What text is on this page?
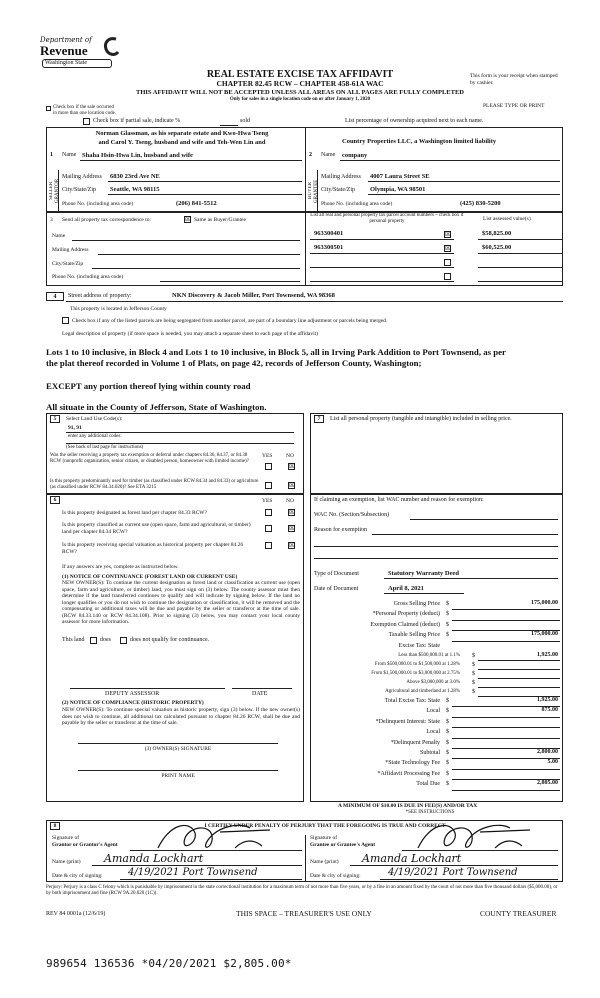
Department of
Revenue
Washington State
REAL ESTATE EXCISE TAX AFFIDAVIT
CHAPTER 82.45 RCW – CHAPTER 458-61A WAC
THIS AFFIDAVIT WILL NOT BE ACCEPTED UNLESS ALL AREAS ON ALL PAGES ARE FULLY COMPLETED
Only for sales in a single location code on or after January 1, 2020
This form is your receipt when stamped by cashier.
PLEASE TYPE OR PRINT
Check box if the sale occurred
in more than one location code.
Check box if partial sale, indicate %	sold	List percentage of ownership acquired next to each name.
1
SELLER GRANTOR
Name
Norman Glassman, as his separate estate and Kwo-Hwa Tseng
and Carol Y. Tseng, husband and wife and Teh-Wen Lin and
Shaha Hsin-Hwa Lin, husband and wife
Mailing Address 6830 23rd Ave NE
City/State/Zip Seattle, WA 98115
Phone No. (including area code)	(206) 841-5512
2
BUYER GRANTEE
Name
Country Properties LLC, a Washington limited liability
company
Mailing Address 4007 Laura Street SE
City/State/Zip Olympia, WA 98501
Phone No. (including area code)	(425) 830-5200
3 Send all property tax correspondence to:	☒ Same as Buyer/Grantee
Name
Mailing Address
City/State/Zip
Phone No. (including area code)
List all real and personal property tax parcel account numbers – check box if personal property	List assessed value(s)
963300401	☒	$58,825.00
963300501	☒	$60,525.00
4	Street address of property:	NKN Discovery & Jacob Miller, Port Townsend, WA 98368
This property is located in Jefferson County
Check box if any of the listed parcels are being segregated from another parcel, are part of a boundary line adjustment or parcels being merged.
Legal description of property (if more space is needed, you may attach a separate sheet to each page of the affidavit)
Lots 1 to 10 inclusive, in Block 4 and Lots 1 to 10 inclusive, in Block 5, all in Irving Park Addition to Port Townsend, as per
the plat thereof recorded in Volume 1 of Plats, on page 42, records of Jefferson County, Washington;
EXCEPT any portion thereof lying within county road
All situate in the County of Jefferson, State of Washington.
5	Select Land Use Code(s):
91, 91
enter any additional codes:
(See back of last page for instructions)
YES NO
Was the seller receiving a property tax exemption or deferral under chapters 84.36, 84.37, or 84.38 RCW (nonprofit organization, senior citizen, or disabled person, homeowner with limited income)?
☒
Is this property predominantly used for timber (as classified under RCW 84.34 and 84.33) or agriculture (as classified under RCW 84.34.020)? See ETA 3215	☒
7	List all personal property (tangible and intangible) included in selling price.
6	YES NO
Is this property designated as forest land per chapter 84.33 RCW?	☒
Is this property classified as current use (open space, farm and agricultural, or timber) land per chapter 84.34 RCW?	☒
Is this property receiving special valuation as historical property per chapter 84.26 RCW?
☒
If any answers are yes, complete as instructed below.
(1) NOTICE OF CONTINUANCE (FOREST LAND OR CURRENT USE)
NEW OWNER(S): To continue the current designation as forest land or classification as current use (open space, farm and agriculture, or timber) land, you must sign on (3) below. The county assessor must then determine if the land transferred continues to qualify and will indicate by signing below. If the land no longer qualifies or you do not wish to continue the designation or classification, it will be removed and the compensating or additional taxes will be due and payable by the seller or transferor at the time of sale. (RCW 84.33.140 or RCW 84.34.108). Prior to signing (3) below, you may contact your local county assessor for more information.
This land	does	does not qualify for continuance.
DEPUTY ASSESSOR	DATE
(2) NOTICE OF COMPLIANCE (HISTORIC PROPERTY)
NEW OWNER(S): To continue special valuation as historic property, sign (3) below. If the new owner(s) does not wish to continue, all additional tax calculated pursuant to chapter 84.26 RCW, shall be due and payable by the seller or transferor at the time of sale.
(3) OWNER(S) SIGNATURE
PRINT NAME
If claiming an exemption, list WAC number and reason for exemption:
WAC No. (Section/Subsection)
Reason for exemption
Type of Document	Statutory Warranty Deed
Date of Document	April 8, 2021
Gross Selling Price $	175,000.00
*Personal Property (deduct) $
Exemption Claimed (deduct) $
Taxable Selling Price $	175,000.00
Excise Tax: State
Less than $500,000.01 at 1.1% $	1,925.00
From $500,000.01 to $1,500,000 at 1.28% $
From $1,500,000.01 to $3,000,000 at 2.75% $
Above $3,000,000 at 3.0% $
Agricultural and timberland at 1.28% $
Total Excise Tax: State $	1,925.00
Local $	875.00
*Delinquent Interest: State $
Local $
*Delinquent Penalty $
Subtotal $	2,800.00
*State Technology Fee $	5.00
*Affidavit Processing Fee $
Total Due $	2,805.00
A MINIMUM OF $10.00 IS DUE IN FEE(S) AND/OR TAX
*SEE INSTRUCTIONS
8	I CERTIFY UNDER PENALTY OF PERJURY THAT THE FOREGOING IS TRUE AND CORRECT
Signature of
Grantor or Grantor's Agent
Signature of
Grantee or Grantee's Agent
Name (print) Amanda Lockhart	Name (print) Amanda Lockhart
Date & city of signing:	4/19/2021 Port Townsend	Date & city of signing:	4/19/2021 Port Townsend
Perjury: Perjury is a class C felony which is punishable by imprisonment in the state correctional institution for a maximum term of not more than five years, or by a fine in an amount fixed by the court of not more than five thousand dollars ($5,000.00), or by both imprisonment and fine (RCW 9A.20.020 (1C)).
REV 84 0001a (12/6/19)	THIS SPACE – TREASURER'S USE ONLY	COUNTY TREASURER
989654 136536 *04/20/2021 $2,805.00*
